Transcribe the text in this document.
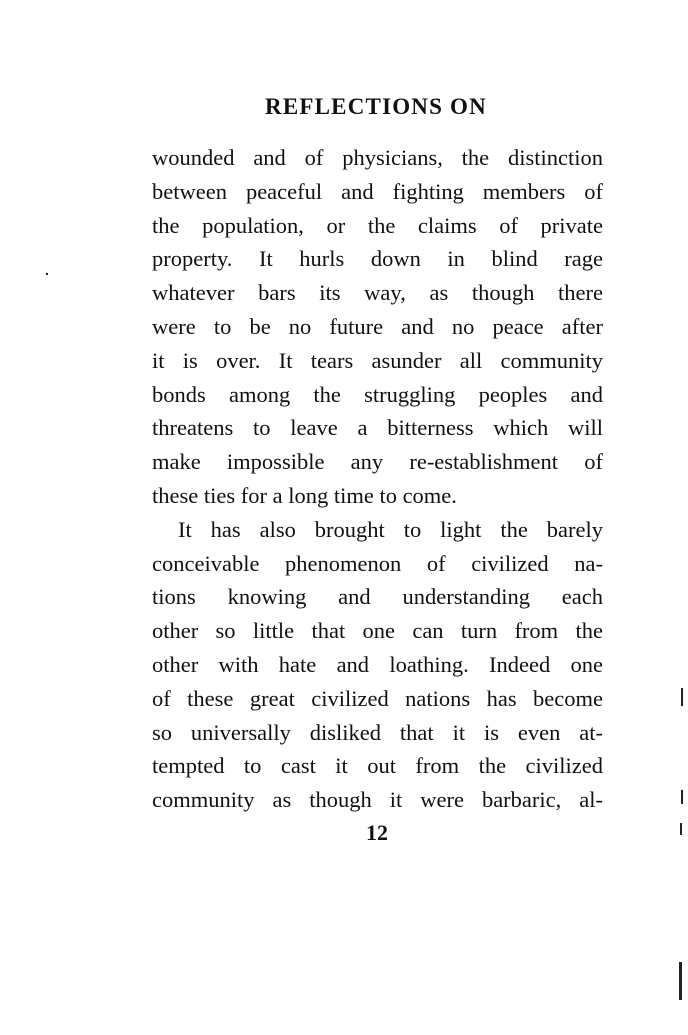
REFLECTIONS ON
wounded and of physicians, the distinction
between peaceful and fighting members of
the population, or the claims of private
property. It hurls down in blind rage
whatever bars its way, as though there
were to be no future and no peace after
it is over. It tears asunder all community
bonds among the struggling peoples and
threatens to leave a bitterness which will
make impossible any re-establishment of
these ties for a long time to come.
It has also brought to light the barely
conceivable phenomenon of civilized na-
tions knowing and understanding each
other so little that one can turn from the
other with hate and loathing. Indeed one
of these great civilized nations has become
so universally disliked that it is even at-
tempted to cast it out from the civilized
community as though it were barbaric, al-
12
